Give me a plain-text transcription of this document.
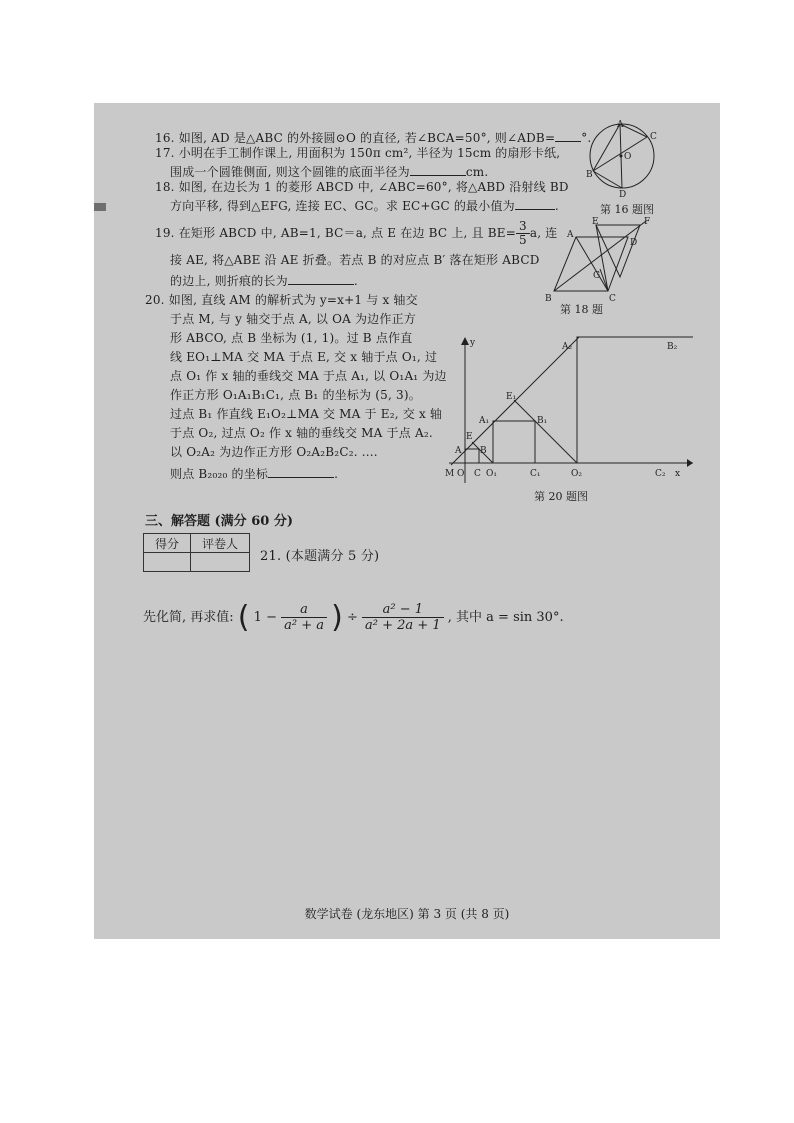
16. 如图, AD 是△ABC 的外接圆⊙O 的直径, 若∠BCA=50°, 则∠ADB= °.
17. 小明在手工制作课上, 用面积为 150π cm², 半径为 15cm 的扇形卡纸,
围成一个圆锥侧面, 则这个圆锥的底面半径为	cm.
18. 如图, 在边长为 1 的菱形 ABCD 中, ∠ABC=60°, 将△ABD 沿射线 BD
方向平移, 得到△EFG, 连接 EC、GC。求 EC+GC 的最小值为	.
19. 在矩形 ABCD 中, AB=1, BC＝a, 点 E 在边 BC 上, 且 $BE= \frac{3}{5} a$, 连
接 AE, 将△ABE 沿 AE 折叠。若点 B 的对应点 B′ 落在矩形 ABCD
的边上, 则折痕的长为	.
20. 如图, 直线 AM 的解析式为 y=x+1 与 x 轴交
于点 M, 与 y 轴交于点 A, 以 OA 为边作正方
形 ABCO, 点 B 坐标为 (1, 1)。过 B 点作直
线 EO₁⊥MA 交 MA 于点 E, 交 x 轴于点 O₁, 过
点 O₁ 作 x 轴的垂线交 MA 于点 A₁, 以 O₁A₁ 为边
作正方形 O₁A₁B₁C₁, 点 B₁ 的坐标为 (5, 3)。
过点 B₁ 作直线 E₁O₂⊥MA 交 MA 于 E₂, 交 x 轴
于点 O₂, 过点 O₂ 作 x 轴的垂线交 MA 于点 A₂.
以 O₂A₂ 为边作正方形 O₂A₂B₂C₂. ....
则点 B₂₀₂₀ 的坐标	.
A
C
B
O
D
第 16 题图
A
B	C
D
E	F
G
第 18 题
M O C O₁	C₁	O₂	C₂ x
y
A
E
B
A₁
E₁
B₁
A₂	B₂
第 20 题图
三、解答题 (满分 60 分)
得分	评卷人

21. (本题满分 5 分)
先化简, 再求值: ( $1 - \frac{a}{\text{a² + a}}$ ) ÷ $\frac{\text{a² − 1}}{\text{a² + 2a + 1}}$ , 其中 a = sin 30°.
数学试卷 (龙东地区) 第 3 页 (共 8 页)
